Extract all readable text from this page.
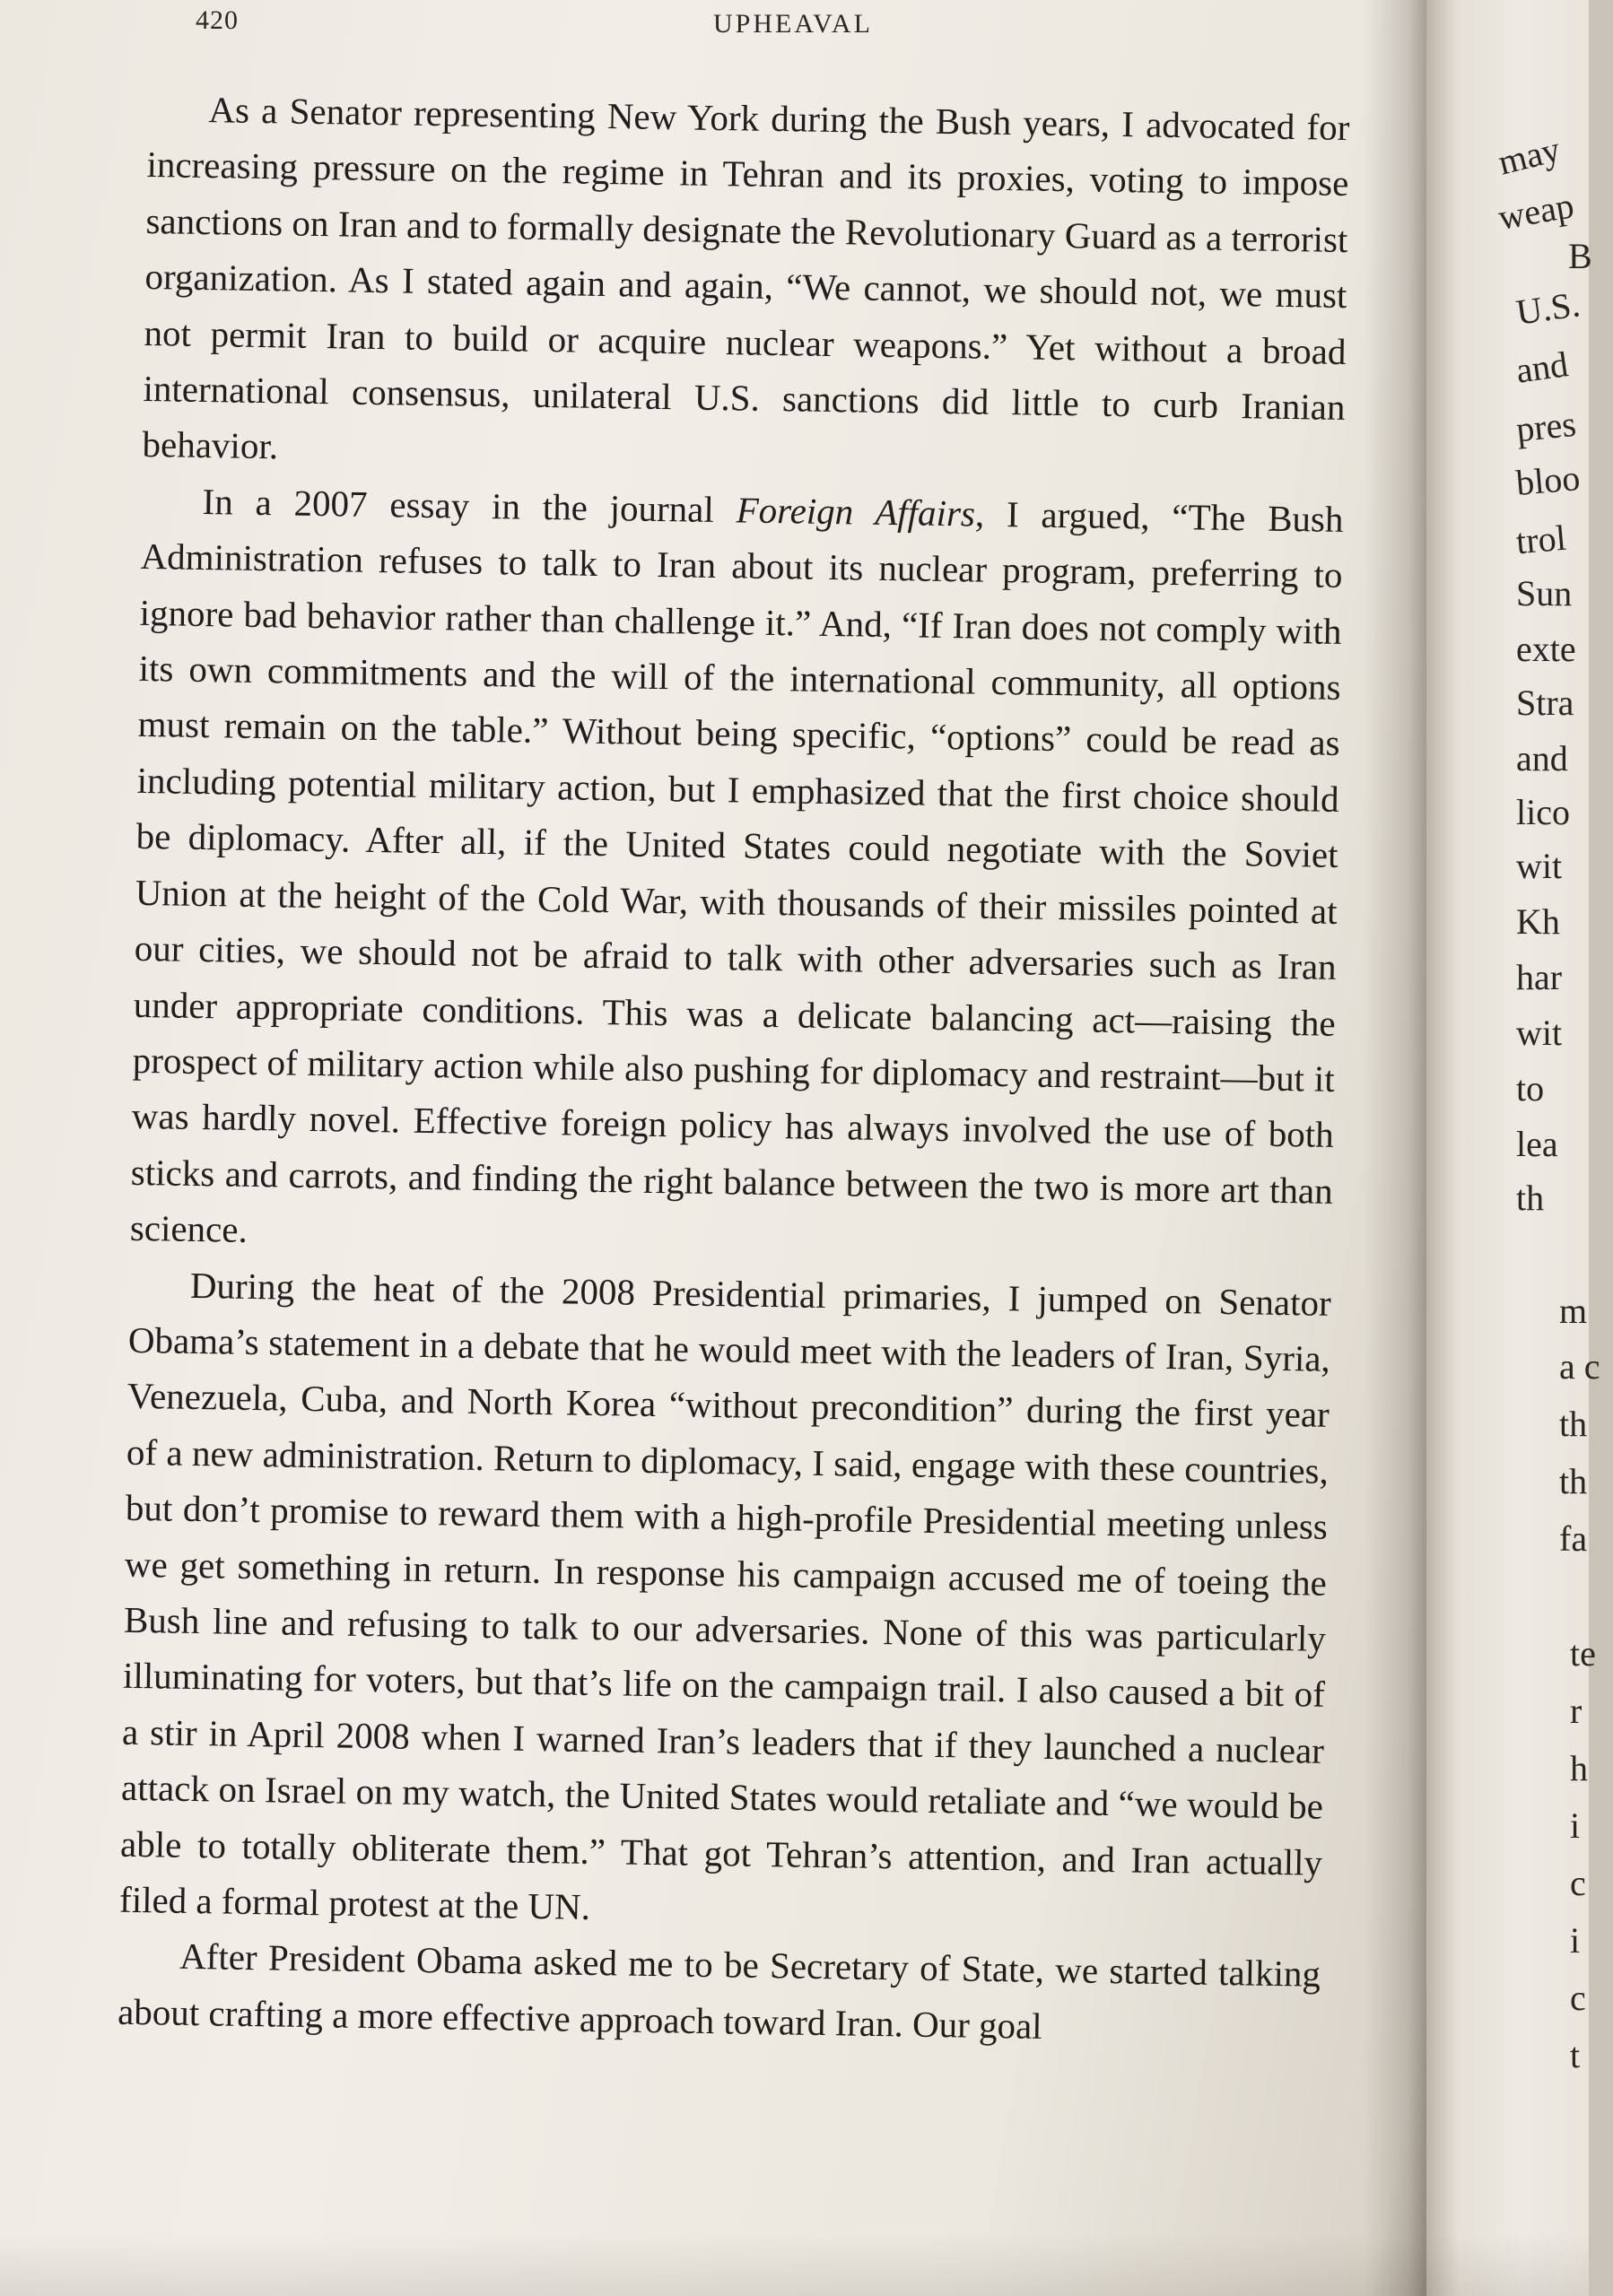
420	UPHEAVAL

As a Senator representing New York during the Bush years, I advocated for increasing pressure on the regime in Tehran and its proxies, voting to impose sanctions on Iran and to formally designate the Revolutionary Guard as a terrorist organization. As I stated again and again, “We cannot, we should not, we must not permit Iran to build or acquire nuclear weapons.” Yet without a broad international consensus, unilateral U.S. sanctions did little to curb Iranian behavior.

In a 2007 essay in the journal Foreign Affairs, I argued, “The Bush Administration refuses to talk to Iran about its nuclear program, preferring to ignore bad behavior rather than challenge it.” And, “If Iran does not comply with its own commitments and the will of the international community, all options must remain on the table.” Without being specific, “options” could be read as including potential military action, but I emphasized that the first choice should be diplomacy. After all, if the United States could negotiate with the Soviet Union at the height of the Cold War, with thousands of their missiles pointed at our cities, we should not be afraid to talk with other adversaries such as Iran under appropriate conditions. This was a delicate balancing act—raising the prospect of military action while also pushing for diplomacy and restraint—but it was hardly novel. Effective foreign policy has always involved the use of both sticks and carrots, and finding the right balance between the two is more art than science.

During the heat of the 2008 Presidential primaries, I jumped on Senator Obama’s statement in a debate that he would meet with the leaders of Iran, Syria, Venezuela, Cuba, and North Korea “without precondition” during the first year of a new administration. Return to diplomacy, I said, engage with these countries, but don’t promise to reward them with a high-profile Presidential meeting unless we get something in return. In response his campaign accused me of toeing the Bush line and refusing to talk to our adversaries. None of this was particularly illuminating for voters, but that’s life on the campaign trail. I also caused a bit of a stir in April 2008 when I warned Iran’s leaders that if they launched a nuclear attack on Israel on my watch, the United States would retaliate and “we would be able to totally obliterate them.” That got Tehran’s attention, and Iran actually filed a formal protest at the UN.

After President Obama asked me to be Secretary of State, we started talking about crafting a more effective approach toward Iran. Our goal

may
weap
B
U.S.
and
pres
bloo
trol
Sun
exte
Stra
and
lico
wit
Kh
har
wit
to
lea
th
m
a c
th
th
fa
te
r
h
i
c
i
c
t
